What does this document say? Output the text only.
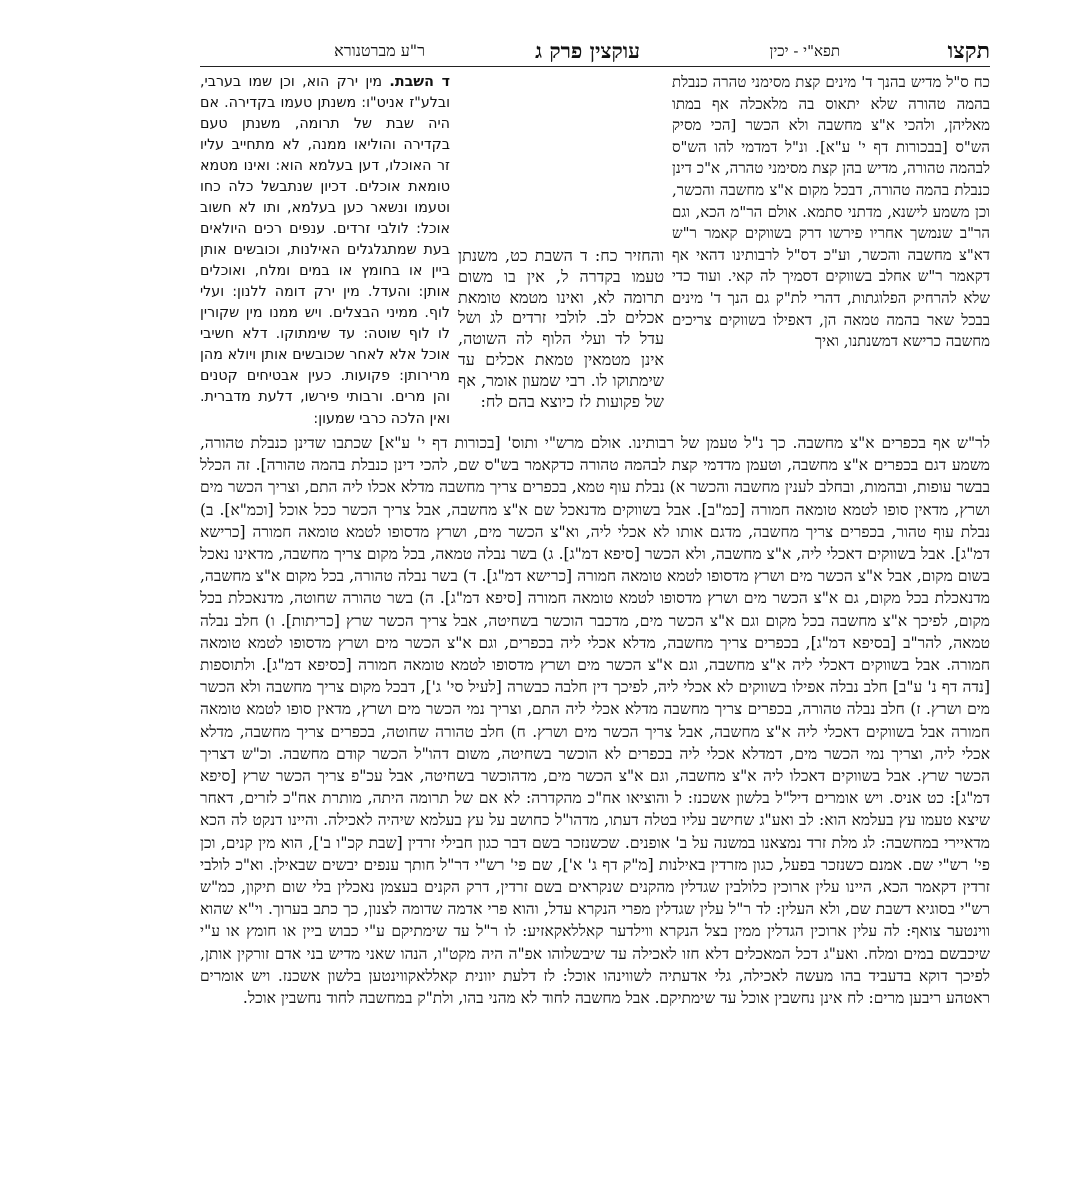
תקצו
תפא"י - יכין
עוקצין פרק ג
ר"ע מברטנורא

כח ס"ל מדיש בהנך ד' מינים קצת מסימני טהרה כנבלת בהמה טהורה שלא יתאוס בה מלאכלה אף במתו מאליהן, ולהכי א"צ מחשבה ולא הכשר [הכי מסיק הש"ס [בבכורות דף י' ע"א]. ונ"ל דמדמי להו הש"ס לבהמה טהורה, מדיש בהן קצת מסימני טהרה, א"כ דינן כנבלת בהמה טהורה, דבכל מקום א"צ מחשבה והכשר, וכן משמע לישנא, מדתני סתמא. אולם הר"מ הכא, וגם הר"ב שנמשך אחריו פירשו דרק בשווקים קאמר ר"ש דא"צ מחשבה והכשר, וע"כ דס"ל לרבותינו דהאי אף דקאמר ר"ש אחלב בשווקים דסמיך לה קאי. ועוד כדי שלא להרחיק הפלוגתות, דהרי לת"ק גם הנך ד' מינים בבכל שאר בהמה טמאה הן, דאפילו בשווקים צריכים מחשבה כרישא דמשנתנו, ואיך

והחזיר כח: ד השבת כט, משנתן טעמו בקדרה ל, אין בו משום תרומה לא, ואינו מטמא טומאת אכלים לב. לולבי זרדים לג ושל עדל לד ועלי הלוף לה השוטה, אינן מטמאין טמאת אכלים עד שימתוקו לו. רבי שמעון אומר, אף של פקועות לז כיוצא בהם לח:

ד השבת. מין ירק הוא, וכן שמו בערבי, ובלע"ז אניט"ו: משנתן טעמו בקדירה. אם היה שבת של תרומה, משנתן טעם בקדירה והוליאו ממנה, לא מתחייב עליו זר האוכלו, דען בעלמא הוא: ואינו מטמא טומאת אוכלים. דכיון שנתבשל כלה כחו וטעמו ונשאר כען בעלמא, ותו לא חשוב אוכל: לולבי זרדים. ענפים רכים היולאים בעת שמתגלגלים האילנות, וכובשים אותן ביין או בחומץ או במים ומלח, ואוכלים אותן: והעדל. מין ירק דומה ללנון: ועלי לוף. ממיני הבצלים. ויש ממנו מין שקורין לו לוף שוטה: עד שימתוקו. דלא חשיבי אוכל אלא לאחר שכובשים אותן ויולא מהן מרירותן: פקועות. כעין אבטיחים קטנים והן מרים. ורבותי פירשו, דלעת מדברית. ואין הלכה כרבי שמעון:

לר"ש אף בכפרים א"צ מחשבה. כך נ"ל טעמן של רבותינו. אולם מרש"י ותוס' [בכורות דף י' ע"א] שכתבו שדינן כנבלת טהורה, משמע דגם בכפרים א"צ מחשבה, וטעמן מדדמי קצת לבהמה טהורה כדקאמר בש"ס שם, להכי דינן כנבלת בהמה טהורה]. זה הכלל בבשר עופות, ובהמות, ובחלב לענין מחשבה והכשר א) נבלת עוף טמא, בכפרים צריך מחשבה מדלא אכלו ליה התם, וצריך הכשר מים ושרץ, מדאין סופו לטמא טומאה חמורה [כמ"ב]. אבל בשווקים מדנאכל שם א"צ מחשבה, אבל צריך הכשר ככל אוכל [וכמ"א]. ב) נבלת עוף טהור, בכפרים צריך מחשבה, מדגם אותו לא אכלי ליה, וא"צ הכשר מים, ושרץ מדסופו לטמא טומאה חמורה [כרישא דמ"ג]. אבל בשווקים דאכלי ליה, א"צ מחשבה, ולא הכשר [סיפא דמ"ג]. ג) בשר נבלה טמאה, בכל מקום צריך מחשבה, מדאינו נאכל בשום מקום, אבל א"צ הכשר מים ושרץ מדסופו לטמא טומאה חמורה [כרישא דמ"ג]. ד) בשר נבלה טהורה, בכל מקום א"צ מחשבה, מדנאכלת בכל מקום, גם א"צ הכשר מים ושרץ מדסופו לטמא טומאה חמורה [סיפא דמ"ג]. ה) בשר טהורה שחוטה, מדנאכלת בכל מקום, לפיכך א"צ מחשבה בכל מקום וגם א"צ הכשר מים, מדכבר הוכשר בשחיטה, אבל צריך הכשר שרץ [כריתות]. ו) חלב נבלה טמאה, להר"ב [בסיפא דמ"ג], בכפרים צריך מחשבה, מדלא אכלי ליה בכפרים, וגם א"צ הכשר מים ושרץ מדסופו לטמא טומאה חמורה. אבל בשווקים דאכלי ליה א"צ מחשבה, וגם א"צ הכשר מים ושרץ מדסופו לטמא טומאה חמורה [כסיפא דמ"ג]. ולתוספות [נדה דף נ' ע"ב] חלב נבלה אפילו בשווקים לא אכלי ליה, לפיכך דין חלבה כבשרה [לעיל סי' ג'], דבכל מקום צריך מחשבה ולא הכשר מים ושרץ. ז) חלב נבלה טהורה, בכפרים צריך מחשבה מדלא אכלי ליה התם, וצריך נמי הכשר מים ושרץ, מדאין סופו לטמא טומאה חמורה אבל בשווקים דאכלי ליה א"צ מחשבה, אבל צריך הכשר מים ושרץ. ח) חלב טהורה שחוטה, בכפרים צריך מחשבה, מדלא אכלי ליה, וצריך נמי הכשר מים, דמדלא אכלי ליה בכפרים לא הוכשר בשחיטה, משום דהו"ל הכשר קודם מחשבה. וכ"ש דצריך הכשר שרץ. אבל בשווקים דאכלו ליה א"צ מחשבה, וגם א"צ הכשר מים, מדהוכשר בשחיטה, אבל עכ"פ צריך הכשר שרץ [סיפא דמ"ג]: כט אניס. ויש אומרים דיל"ל בלשון אשכנז: ל והוציאו אח"כ מהקדרה: לא אם של תרומה היתה, מותרת אח"כ לזרים, דאחר שיצא טעמו עץ בעלמא הוא: לב ואע"ג שחישב עליו בטלה דעתו, מדהו"ל כחושב על עץ בעלמא שיהיה לאכילה. והיינו דנקט לה הכא מדאיירי במחשבה: לג מלת זרד נמצאנו במשנה על ב' אופנים. שכשנזכר בשם דבר כגון חבילי זרדין [שבת קכ"ו ב'], הוא מין קנים, וכן פי' רש"י שם. אמנם כשנזכר בפעל, כגון מזרדין באילנות [מ"ק דף ג' א'], שם פי' רש"י דר"ל חותך ענפים יבשים שבאילן. וא"כ לולבי זרדין דקאמר הכא, היינו עלין ארוכין כלולבין שגדלין מהקנים שנקראים בשם זרדין, דרק הקנים בעצמן נאכלין בלי שום תיקון, כמ"ש רש"י בסוגיא דשבת שם, ולא העלין: לד ר"ל עלין שגדלין מפרי הנקרא עדל, והוא פרי אדמה שדומה לצנון, כך כתב בערוך. וי"א שהוא ווינטער צואף: לה עלין ארוכין הגדלין ממין בצל הנקרא ווילדער קאללאקאזיע: לו ר"ל עד שימתיקם ע"י כבוש ביין או חומץ או ע"י שיכבשם במים ומלח. ואע"ג דכל המאכלים דלא חזו לאכילה עד שיבשלוהו אפ"ה היה מקט"ו, הנהו שאני מדיש בני אדם זורקין אותן, לפיכך דוקא בדעביד בהו מעשה לאכילה, גלי אדעתיה לשווינהו אוכל: לז דלעת יוונית קאללאקווינטען בלשון אשכנז. ויש אומרים ראטהע ריבען מרים: לח אינן נחשבין אוכל עד שימתיקם. אבל מחשבה לחוד לא מהני בהו, ולת"ק במחשבה לחוד נחשבין אוכל.
